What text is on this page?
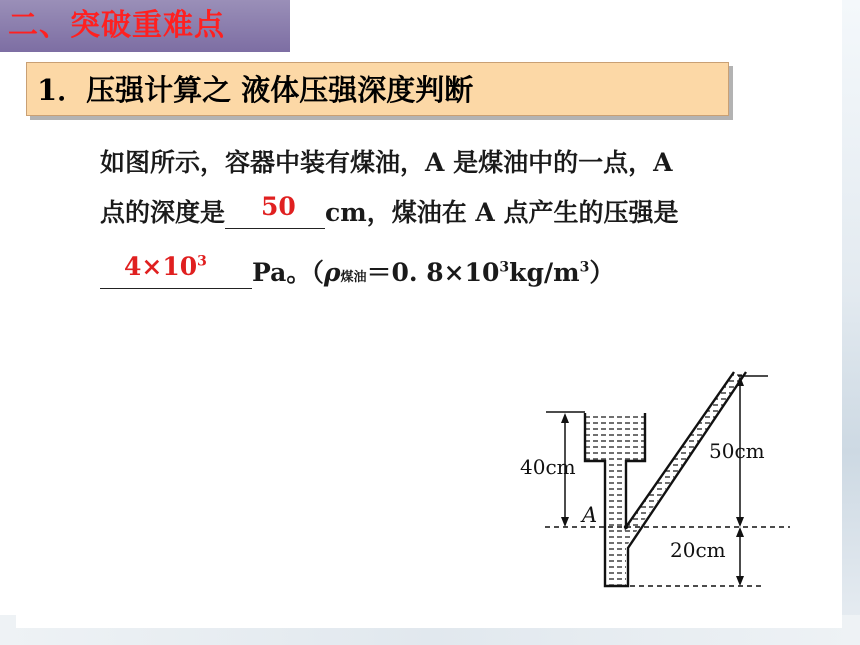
二、突破重难点
1．压强计算之 液体压强深度判断
如图所示，容器中装有煤油，A 是煤油中的一点，A
点的深度是 50 cm，煤油在 A 点产生的压强是
$4\times 10^3$ Pa。（ρ煤油＝0. $8\times 10^3kg/m^3$）
40cm
50cm
20cm
A
